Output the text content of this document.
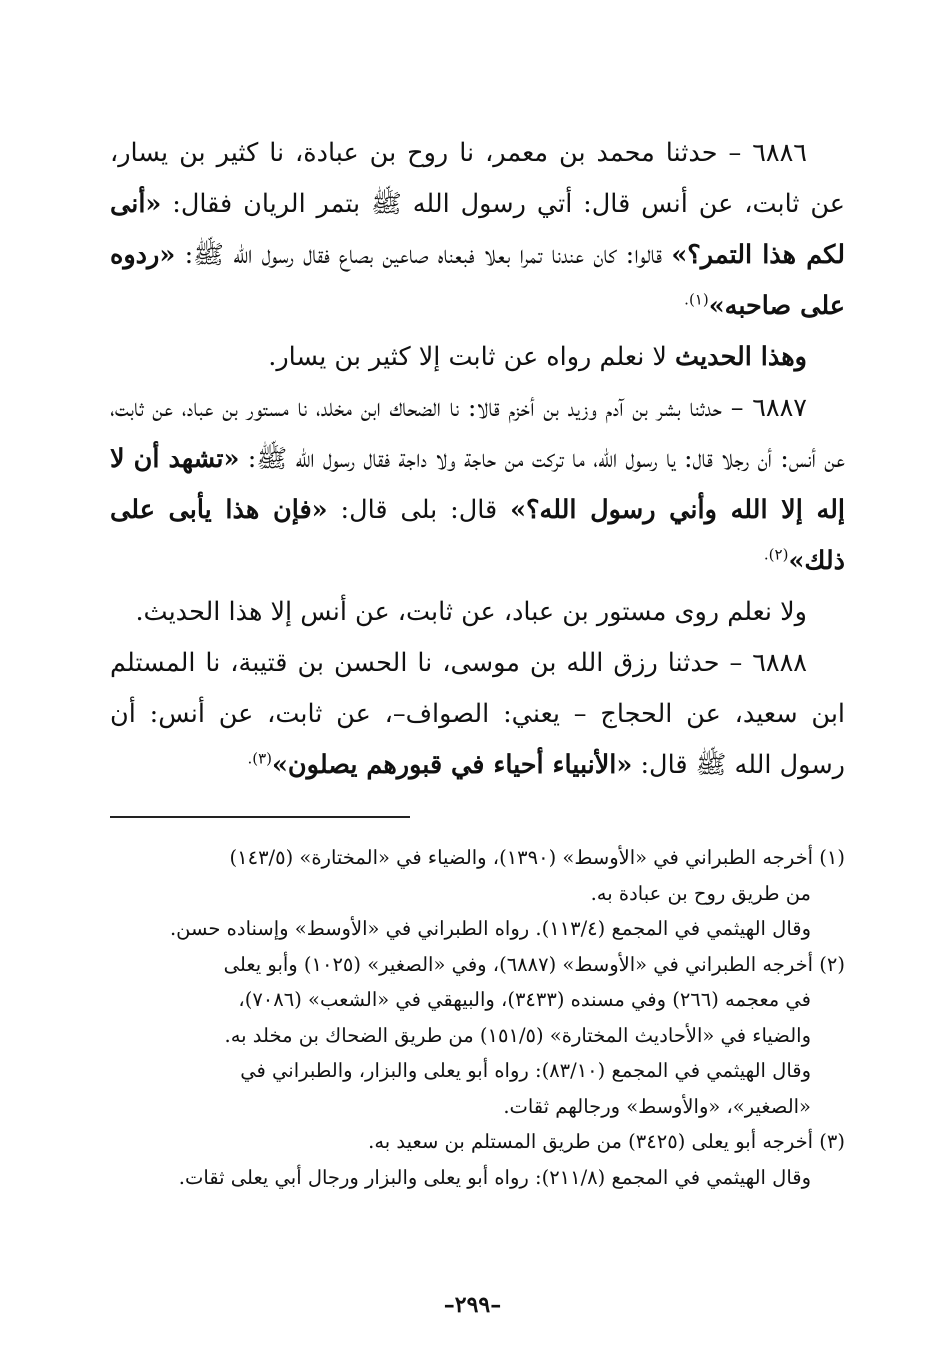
٦٨٨٦ – حدثنا محمد بن معمر، نا روح بن عبادة، نا كثير بن يسار، عن ثابت، عن أنس قال: أتي رسول الله ﷺ بتمر الريان فقال: «أنى لكم هذا التمر؟» قالوا: كان عندنا تمرا بعلا فبعناه صاعين بصاع فقال رسول الله ﷺ: «ردوه على صاحبه»$^{(١).}$

وهذا الحديث لا نعلم رواه عن ثابت إلا كثير بن يسار.

٦٨٨٧ – حدثنا بشر بن آدم وزيد بن أخزم قالا: نا الضحاك ابن مخلد، نا مستور بن عباد، عن ثابت، عن أنس: أن رجلا قال: يا رسول الله، ما تركت من حاجة ولا داجة فقال رسول الله ﷺ: «تشهد أن لا إله إلا الله وأني رسول الله؟» قال: بلى قال: «فإن هذا يأبى على ذلك»$^{(٢).}$

ولا نعلم روى مستور بن عباد، عن ثابت، عن أنس إلا هذا الحديث.

٦٨٨٨ – حدثنا رزق الله بن موسى، نا الحسن بن قتيبة، نا المستلم ابن سعيد، عن الحجاج – يعني: الصواف–، عن ثابت، عن أنس: أن رسول الله ﷺ قال: «الأنبياء أحياء في قبورهم يصلون»$^{(٣).}$

(١) أخرجه الطبراني في «الأوسط» (١٣٩٠)، والضياء في «المختارة» (١٤٣/٥)

من طريق روح بن عبادة به.

وقال الهيثمي في المجمع (١١٣/٤). رواه الطبراني في «الأوسط» وإسناده حسن.

(٢) أخرجه الطبراني في «الأوسط» (٦٨٨٧)، وفي «الصغير» (١٠٢٥) وأبو يعلى

في معجمه (٢٦٦) وفي مسنده (٣٤٣٣)، والبيهقي في «الشعب» (٧٠٨٦)،

والضياء في «الأحاديث المختارة» (١٥١/٥) من طريق الضحاك بن مخلد به.

وقال الهيثمي في المجمع (٨٣/١٠): رواه أبو يعلى والبزار، والطبراني في

«الصغير»، «والأوسط» ورجالهم ثقات.

(٣) أخرجه أبو يعلى (٣٤٢٥) من طريق المستلم بن سعيد به.

وقال الهيثمي في المجمع (٢١١/٨): رواه أبو يعلى والبزار ورجال أبي يعلى ثقات.

–٢٩٩–
